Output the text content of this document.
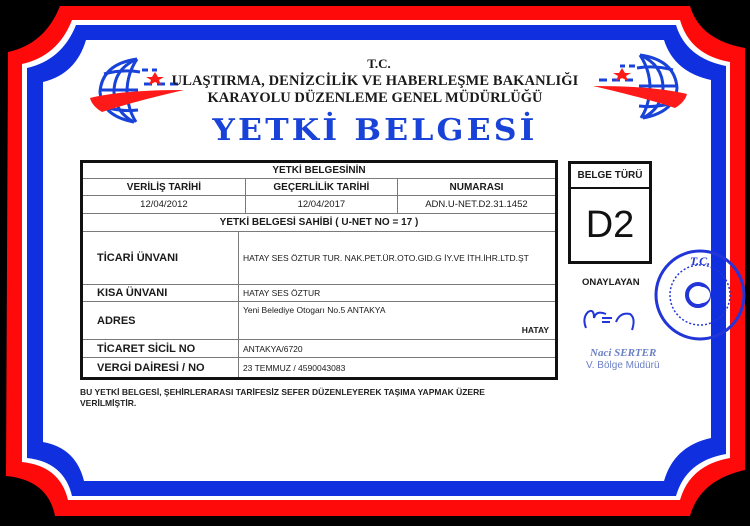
T.C.
ULAŞTIRMA, DENİZCİLİK VE HABERLEŞME BAKANLIĞI
KARAYOLU DÜZENLEME GENEL MÜDÜRLÜĞÜ
YETKİ BELGESİ
YETKİ BELGESİNİN			
VERİLİŞ TARİHİ		GEÇERLİLİK TARİHİ	NUMARASI
12/04/2012		12/04/2017	ADN.U-NET.D2.31.1452
YETKİ BELGESİ SAHİBİ ( U-NET NO = 17 )			
TİCARİ ÜNVANI	HATAY SES ÖZTUR TUR. NAK.PET.ÜR.OTO.GID.G İY.VE İTH.İHR.LTD.ŞT		
KISA ÜNVANI	HATAY SES ÖZTUR		
ADRES	Yeni Belediye Otogarı No.5 ANTAKYA
HATAY		

TİCARET SİCİL NO	ANTAKYA/6720		
VERGİ DAİRESİ / NO	23 TEMMUZ / 4590043083		
BELGE TÜRÜ
D2
ONAYLAYAN
T.C.
Naci SERTER
V. Bölge Müdürü
BU YETKİ BELGESİ, ŞEHİRLERARASI TARİFESİZ SEFER DÜZENLEYEREK TAŞIMA YAPMAK ÜZERE VERİLMİŞTİR.
